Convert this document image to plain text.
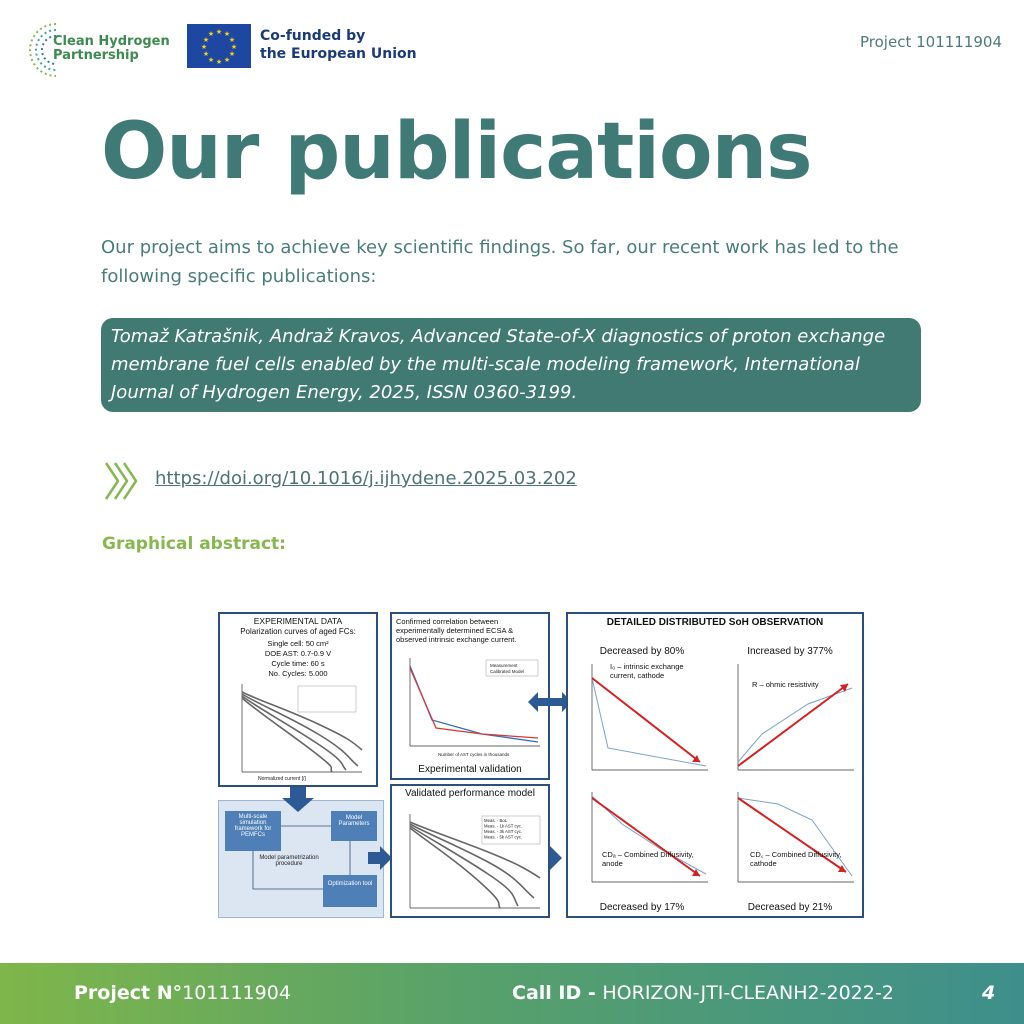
Clean Hydrogen
Partnership
★ ★
★
★
★
★
★
★
★
★
★
★	Co-funded by
the European Union
Project 101111904
Our publications
Our project aims to achieve key scientific findings. So far, our recent work has led to the following specific publications:
Tomaž Katrašnik, Andraž Kravos, Advanced State-of-X diagnostics of proton exchange membrane fuel cells enabled by the multi-scale modeling framework, International Journal of Hydrogen Energy, 2025, ISSN 0360-3199.
https://doi.org/10.1016/j.ijhydene.2025.03.202
Graphical abstract:
EXPERIMENTAL DATA
Polarization curves of aged FCs:
Single cell: 50 cm²
DOE AST: 0.7-0.9 V
Cycle time: 60 s
No. Cycles: 5.000
Normalized current [/]
Confirmed correlation between experimentally determined ECSA & observed intrinsic exchange current.
Measurement
Calibrated Model
Number of AST cycles in thousands
Experimental validation
Multi-scale simulation framework for PEMFCs
Model Parameters
Model parametrization procedure
Optimization tool
Validated performance model
Meas. - BoL
Meas. - 1k AST cyc.
Meas. - 3k AST cyc.
Meas. - 5k AST cyc.
DETAILED DISTRIBUTED SoH OBSERVATION
Decreased by 80%	Increased by 377%
I₀ – intrinsic exchange current, cathode
R – ohmic resistivity
CDₐ – Combined Diffusivity, anode
CD꜀ – Combined Diffusivity, cathode
Decreased by 17%	Decreased by 21%
Project N°101111904	Call ID - HORIZON-JTI-CLEANH2-2022-2	4
